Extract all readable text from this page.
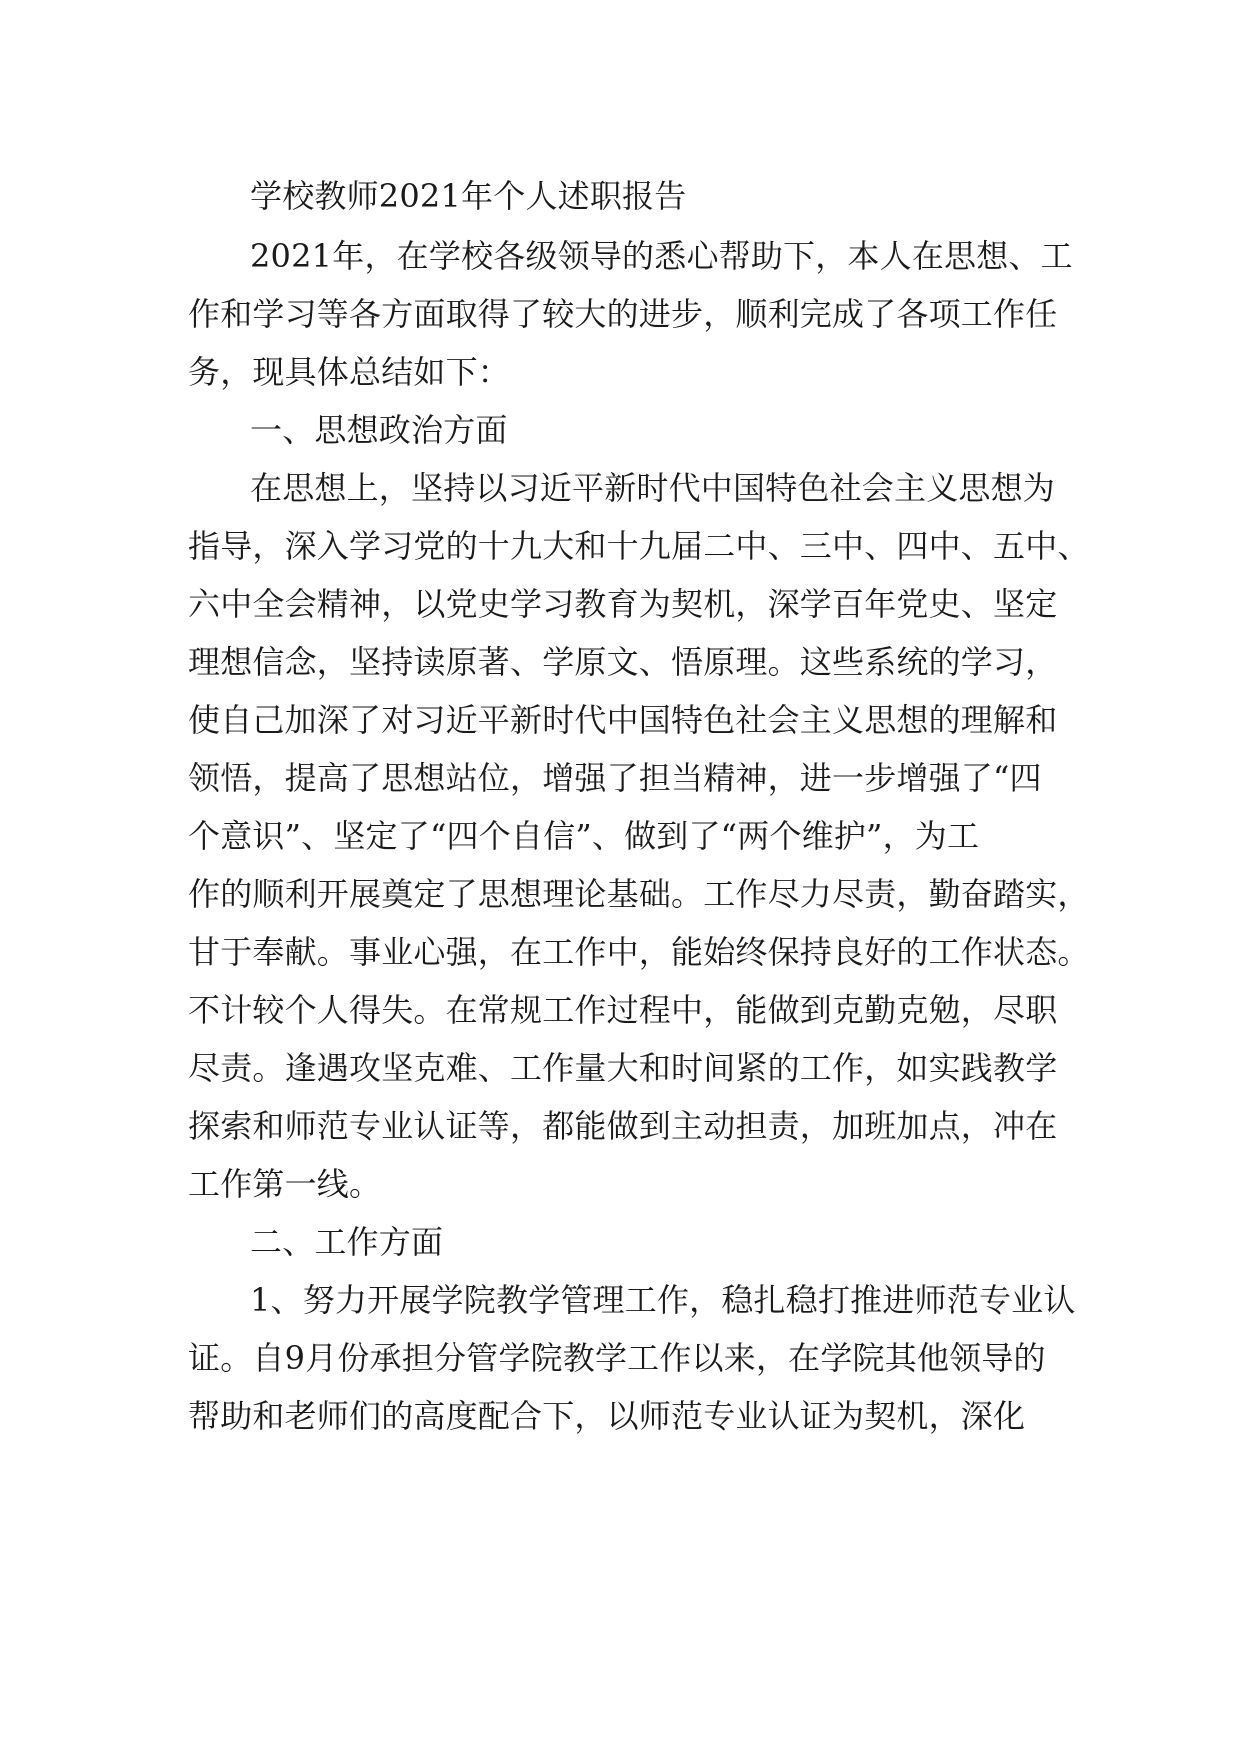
学校教师2021年个人述职报告
2021年，在学校各级领导的悉心帮助下，本人在思想、工
作和学习等各方面取得了较大的进步，顺利完成了各项工作任
务，现具体总结如下：
一、思想政治方面
在思想上，坚持以习近平新时代中国特色社会主义思想为
指导，深入学习党的十九大和十九届二中、三中、四中、五中、
六中全会精神，以党史学习教育为契机，深学百年党史、坚定
理想信念，坚持读原著、学原文、悟原理。这些系统的学习，
使自己加深了对习近平新时代中国特色社会主义思想的理解和
领悟，提高了思想站位，增强了担当精神，进一步增强了“四
个意识”、坚定了“四个自信”、做到了“两个维护”，为工
作的顺利开展奠定了思想理论基础。工作尽力尽责，勤奋踏实，
甘于奉献。事业心强，在工作中，能始终保持良好的工作状态。
不计较个人得失。在常规工作过程中，能做到克勤克勉，尽职
尽责。逢遇攻坚克难、工作量大和时间紧的工作，如实践教学
探索和师范专业认证等，都能做到主动担责，加班加点，冲在
工作第一线。
二、工作方面
1、努力开展学院教学管理工作，稳扎稳打推进师范专业认
证。自9月份承担分管学院教学工作以来，在学院其他领导的
帮助和老师们的高度配合下，以师范专业认证为契机，深化
